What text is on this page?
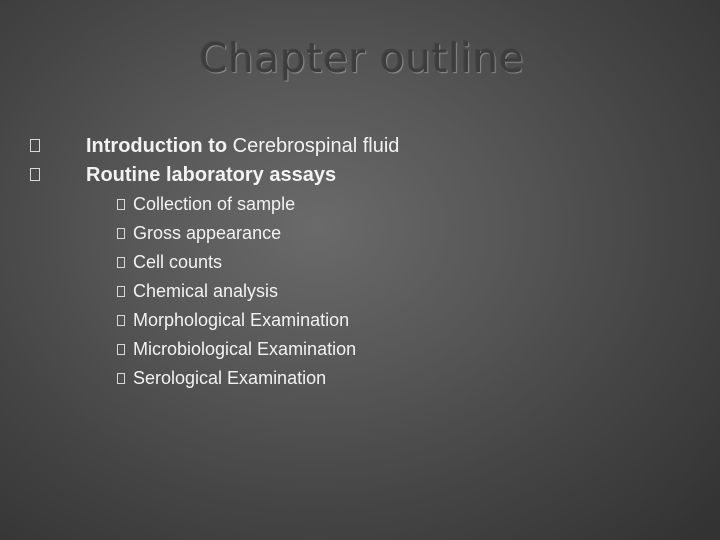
Chapter outline
Introduction to Cerebrospinal fluid
Routine laboratory assays
Collection of sample
Gross appearance
Cell counts
Chemical analysis
Morphological Examination
Microbiological Examination
Serological Examination
